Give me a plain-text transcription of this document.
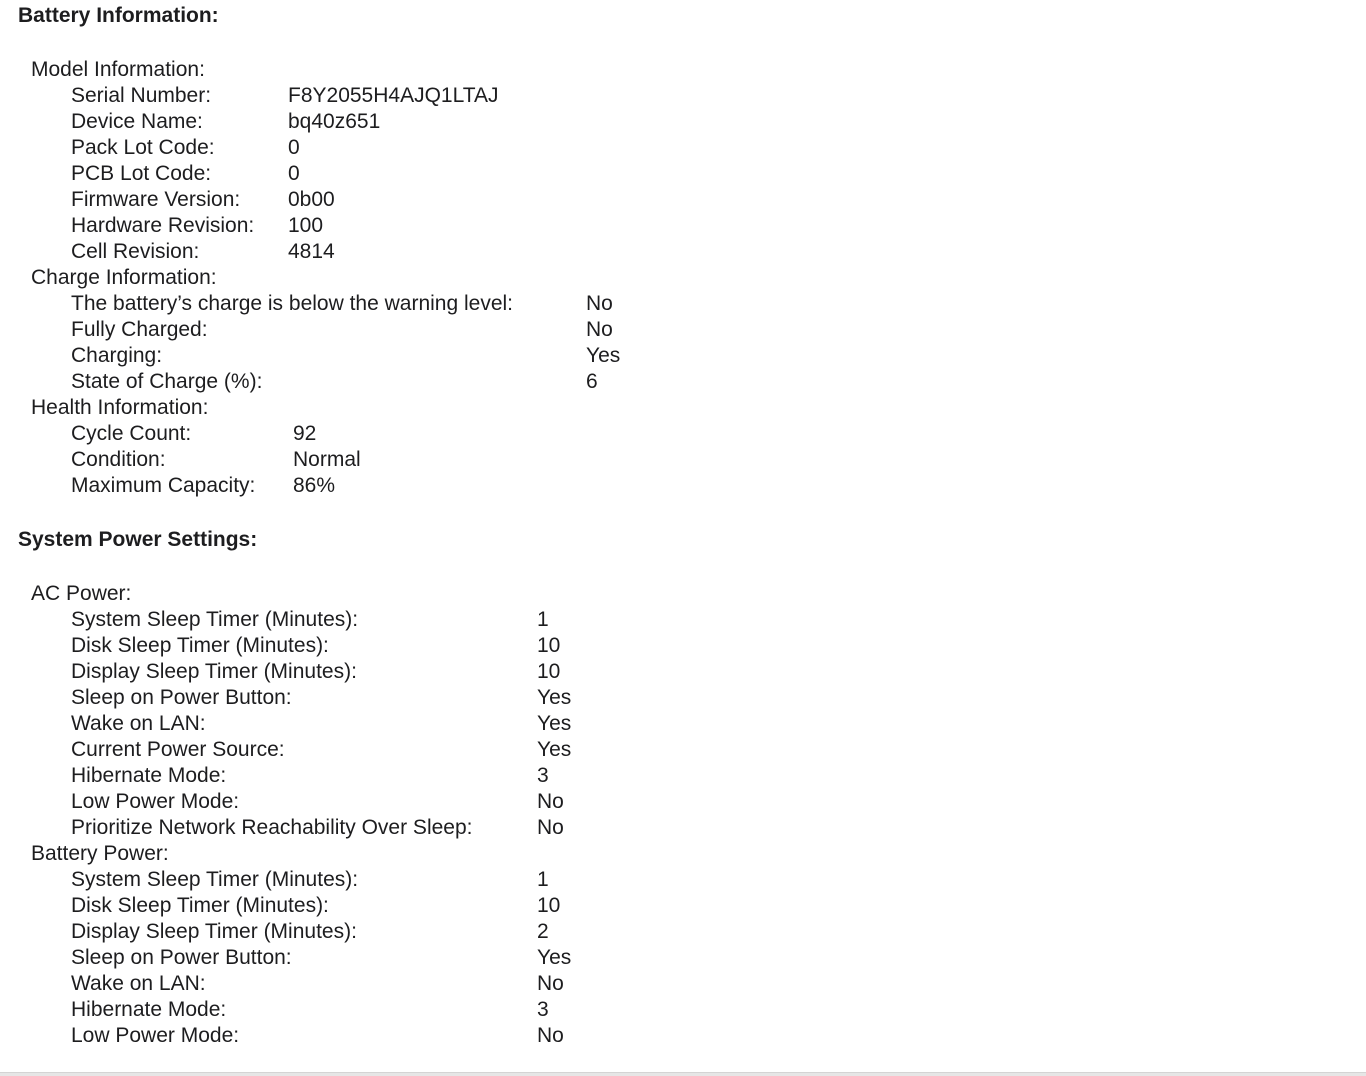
Battery Information:
Model Information:
Serial Number:	F8Y2055H4AJQ1LTAJ
Device Name:	bq40z651
Pack Lot Code:	0
PCB Lot Code:	0
Firmware Version: 0b00
Hardware Revision: 100
Cell Revision:	4814
Charge Information:
The battery’s charge is below the warning level:	No
Fully Charged:	No
Charging:	Yes
State of Charge (%):	6
Health Information:
Cycle Count:	92
Condition:	Normal
Maximum Capacity: 86%
System Power Settings:
AC Power:
System Sleep Timer (Minutes):	1
Disk Sleep Timer (Minutes):	10
Display Sleep Timer (Minutes):	10
Sleep on Power Button:	Yes
Wake on LAN:	Yes
Current Power Source:	Yes
Hibernate Mode:	3
Low Power Mode:	No
Prioritize Network Reachability Over Sleep:	No
Battery Power:
System Sleep Timer (Minutes):	1
Disk Sleep Timer (Minutes):	10
Display Sleep Timer (Minutes):	2
Sleep on Power Button:	Yes
Wake on LAN:	No
Hibernate Mode:	3
Low Power Mode:	No
